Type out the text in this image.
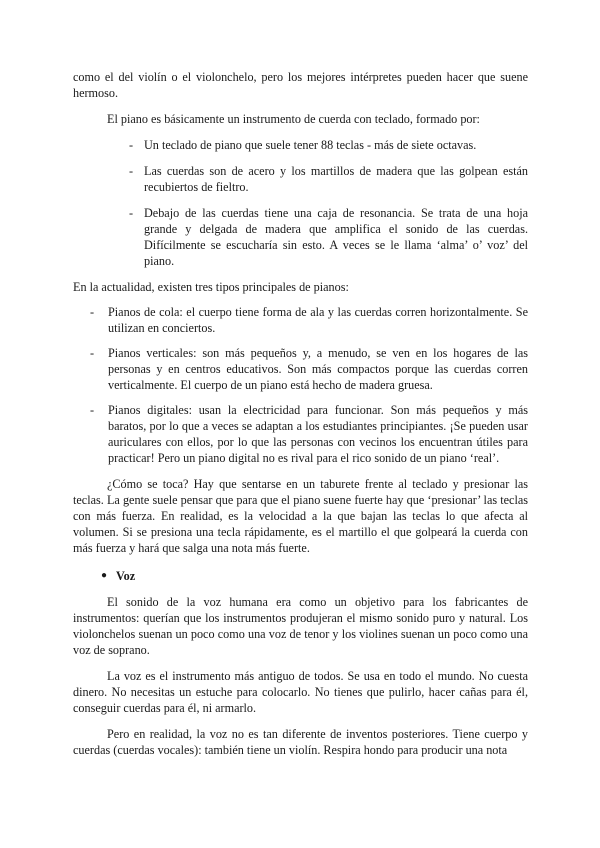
como el del violín o el violonchelo, pero los mejores intérpretes pueden hacer que suene hermoso.

El piano es básicamente un instrumento de cuerda con teclado, formado por:

- Un teclado de piano que suele tener 88 teclas - más de siete octavas.
- Las cuerdas son de acero y los martillos de madera que las golpean están recubiertos de fieltro.
- Debajo de las cuerdas tiene una caja de resonancia. Se trata de una hoja grande y delgada de madera que amplifica el sonido de las cuerdas. Difícilmente se escucharía sin esto. A veces se le llama ‘alma’ o’ voz’ del piano.

En la actualidad, existen tres tipos principales de pianos:

- Pianos de cola: el cuerpo tiene forma de ala y las cuerdas corren horizontalmente. Se utilizan en conciertos.
- Pianos verticales: son más pequeños y, a menudo, se ven en los hogares de las personas y en centros educativos. Son más compactos porque las cuerdas corren verticalmente. El cuerpo de un piano está hecho de madera gruesa.
- Pianos digitales: usan la electricidad para funcionar. Son más pequeños y más baratos, por lo que a veces se adaptan a los estudiantes principiantes. ¡Se pueden usar auriculares con ellos, por lo que las personas con vecinos los encuentran útiles para practicar! Pero un piano digital no es rival para el rico sonido de un piano ‘real’.

¿Cómo se toca? Hay que sentarse en un taburete frente al teclado y presionar las teclas. La gente suele pensar que para que el piano suene fuerte hay que ‘presionar’ las teclas con más fuerza. En realidad, es la velocidad a la que bajan las teclas lo que afecta al volumen. Si se presiona una tecla rápidamente, es el martillo el que golpeará la cuerda con más fuerza y hará que salga una nota más fuerte.

● Voz

El sonido de la voz humana era como un objetivo para los fabricantes de instrumentos: querían que los instrumentos produjeran el mismo sonido puro y natural. Los violonchelos suenan un poco como una voz de tenor y los violines suenan un poco como una voz de soprano.

La voz es el instrumento más antiguo de todos. Se usa en todo el mundo. No cuesta dinero. No necesitas un estuche para colocarlo. No tienes que pulirlo, hacer cañas para él, conseguir cuerdas para él, ni armarlo.

Pero en realidad, la voz no es tan diferente de inventos posteriores. Tiene cuerpo y cuerdas (cuerdas vocales): también tiene un violín. Respira hondo para producir una nota
